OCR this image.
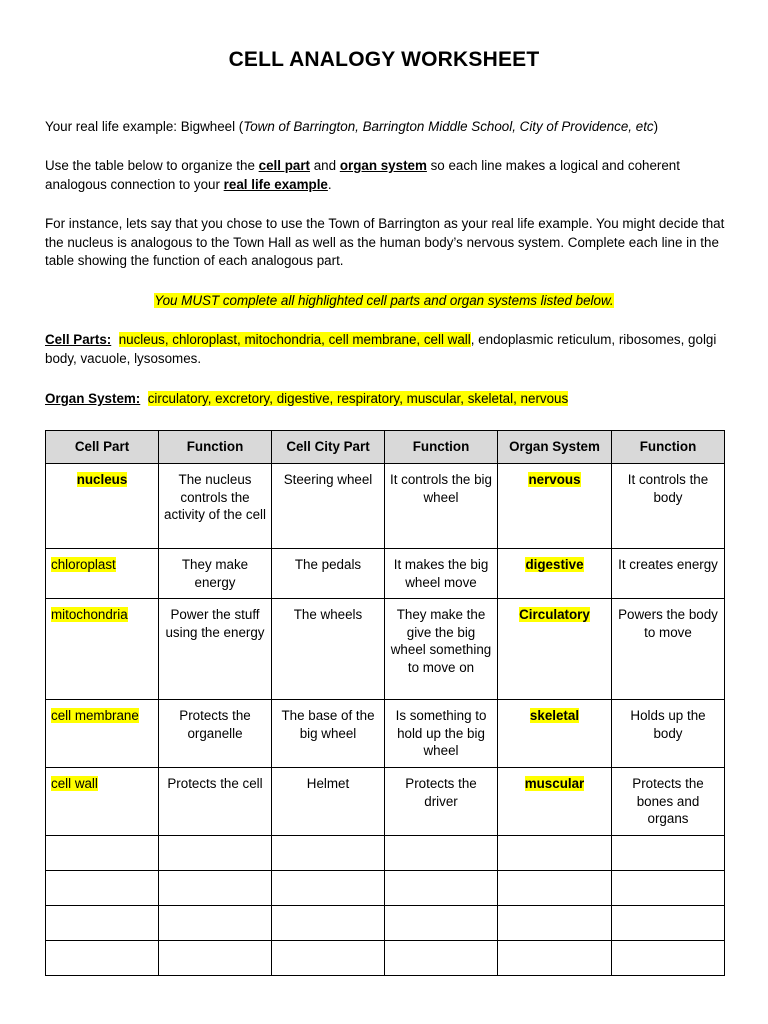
CELL ANALOGY WORKSHEET

Your real life example: Bigwheel (Town of Barrington, Barrington Middle School, City of Providence, etc)

Use the table below to organize the cell part and organ system so each line makes a logical and coherent analogous connection to your real life example.

For instance, lets say that you chose to use the Town of Barrington as your real life example. You might decide that the nucleus is analogous to the Town Hall as well as the human body’s nervous system. Complete each line in the table showing the function of each analogous part.

You MUST complete all highlighted cell parts and organ systems listed below.

Cell Parts: nucleus, chloroplast, mitochondria, cell membrane, cell wall, endoplasmic reticulum, ribosomes, golgi body, vacuole, lysosomes.

Organ System: circulatory, excretory, digestive, respiratory, muscular, skeletal, nervous

Cell Part	Function	Cell City Part	Function	Organ System	Function
nucleus	The nucleus controls the activity of the cell	Steering wheel	It controls the big wheel	nervous	It controls the body
chloroplast	They make energy	The pedals	It makes the big wheel move	digestive	It creates energy
mitochondria	Power the stuff using the energy	The wheels	They make the give the big wheel something to move on	Circulatory	Powers the body to move
cell membrane	Protects the organelle	The base of the big wheel	Is something to hold up the big wheel	skeletal	Holds up the body
cell wall	Protects the cell	Helmet	Protects the driver	muscular	Protects the bones and organs
